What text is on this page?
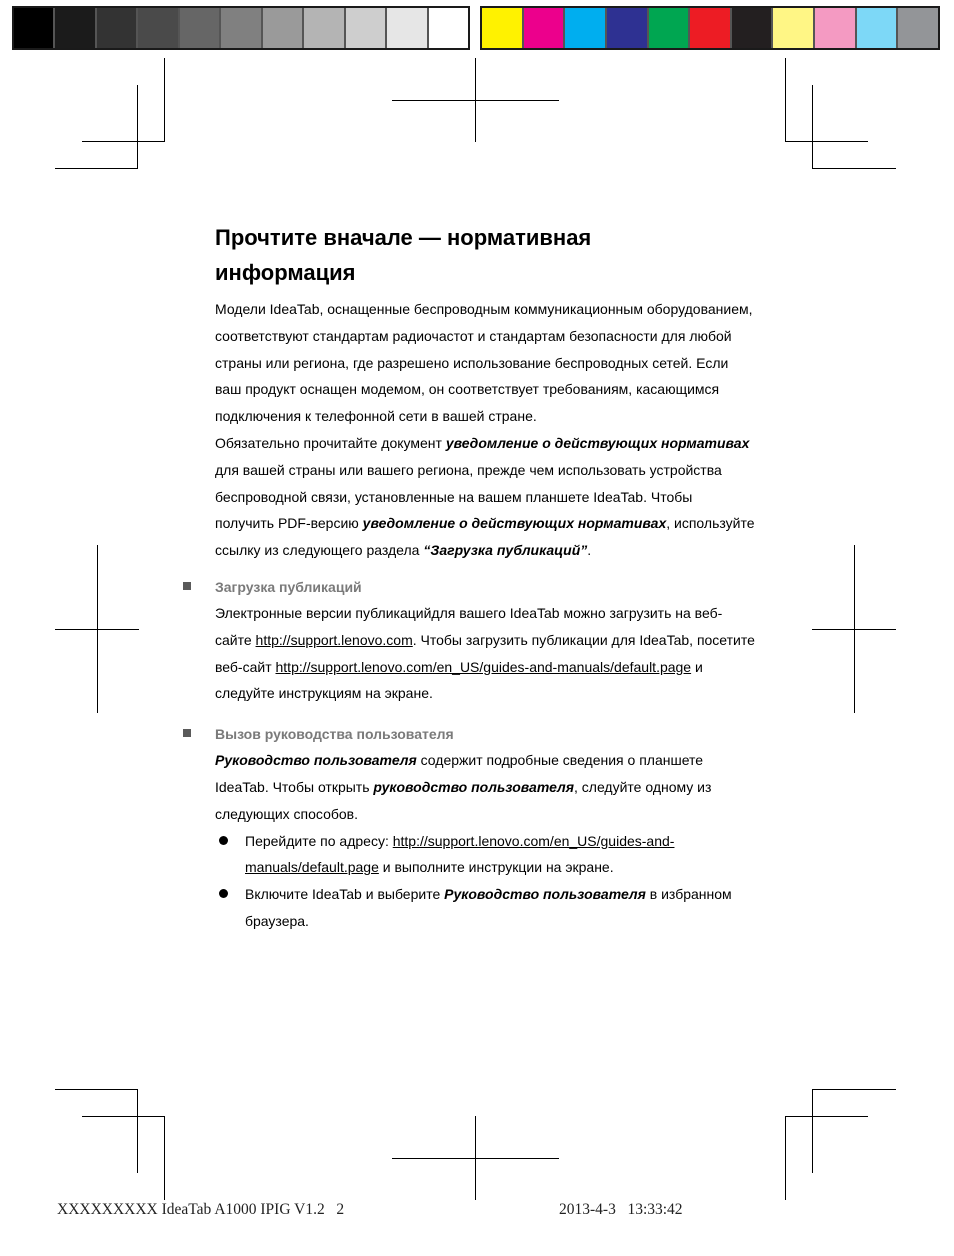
Прочтите вначале — нормативная
информация

Модели IdeaTab, оснащенные беспроводным коммуникационным оборудованием, соответствуют стандартам радиочастот и стандартам безопасности для любой страны или региона, где разрешено использование беспроводных сетей. Если ваш продукт оснащен модемом, он соответствует требованиям, касающимся подключения к телефонной сети в вашей стране.

Обязательно прочитайте документ уведомление о действующих нормативах для вашей страны или вашего региона, прежде чем использовать устройства беспроводной связи, установленные на вашем планшете IdeaTab. Чтобы получить PDF-версию уведомление о действующих нормативах, используйте ссылку из следующего раздела “Загрузка публикаций”.

Загрузка публикаций

Электронные версии публикацийдля вашего IdeaTab можно загрузить на веб-сайте http://support.lenovo.com. Чтобы загрузить публикации для IdeaTab, посетите веб-сайт http://support.lenovo.com/en_US/guides-and-manuals/default.page и следуйте инструкциям на экране.

Вызов руководства пользователя

Руководство пользователя содержит подробные сведения о планшете IdeaTab. Чтобы открыть руководство пользователя, следуйте одному из следующих способов.

Перейдите по адресу: http://support.lenovo.com/en_US/guides-and-manuals/default.page и выполните инструкции на экране.
Включите IdeaTab и выберите Руководство пользователя в избранном браузера.
XXXXXXXXX IdeaTab A1000 IPIG V1.2   2	2013-4-3   13:33:42
